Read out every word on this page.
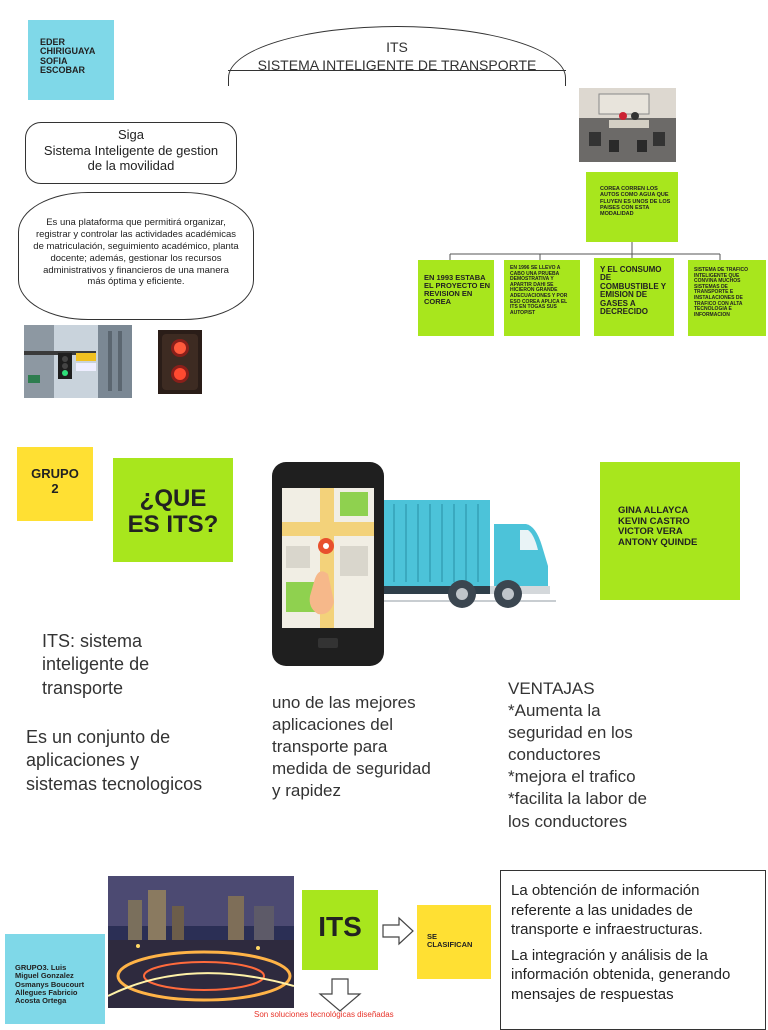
EDER
CHIRIGUAYA
SOFIA
ESCOBAR
ITS
SISTEMA INTELIGENTE DE TRANSPORTE
Siga
Sistema Inteligente de gestion
de la movilidad
Es una plataforma que permitirá organizar, registrar y controlar las actividades académicas de matriculación, seguimiento académico, planta docente; además, gestionar los recursos administrativos y financieros de una manera más óptima y eficiente.
COREA CORREN LOS AUTOS COMO AGUA QUE FLUYEN ES UNOS DE LOS PAISES CON ESTA MODALIDAD
EN 1993 ESTABA EL PROYECTO EN REVISION EN COREA
EN 1996 SE LLEVO A CABO UNA PRUEBA DEMOSTRATIVA Y APARTIR DAHI SE HICIERON GRANDE ADECUACIONES Y POR ESO COREA APLICA EL ITS EN TOGAS SUS AUTOPIST
Y EL CONSUMO DE COMBUSTIBLE Y EMISION DE GASES A DECRECIDO
SISTEMA DE TRAFICO INTELIGENTE QUE CONVINA MUCHOS SISTEMAS DE TRANSPORTE E INSTALACIONES DE TRAFICO CON ALTA TECNOLOGIA E INFORMACION
GRUPO
2	¿QUE
ES ITS?
GINA ALLAYCA
KEVIN CASTRO
VICTOR VERA
ANTONY QUINDE
ITS: sistema
inteligente de
transporte
Es un conjunto de
aplicaciones y
sistemas tecnologicos
uno de las mejores
aplicaciones del
transporte para
medida de seguridad
y rapidez
VENTAJAS
*Aumenta la
seguridad en los
conductores
*mejora el trafico
*facilita la labor de
los conductores
GRUPO3. Luis
Miguel Gonzalez
Osmanys Boucourt
Allegues Fabricio
Acosta Ortega
ITS	SE
CLASIFICAN
Son soluciones tecnológicas diseñadas
La obtención de información referente a las unidades de transporte e infraestructuras.
La integración y análisis de la información obtenida, generando
mensajes de respuestas
